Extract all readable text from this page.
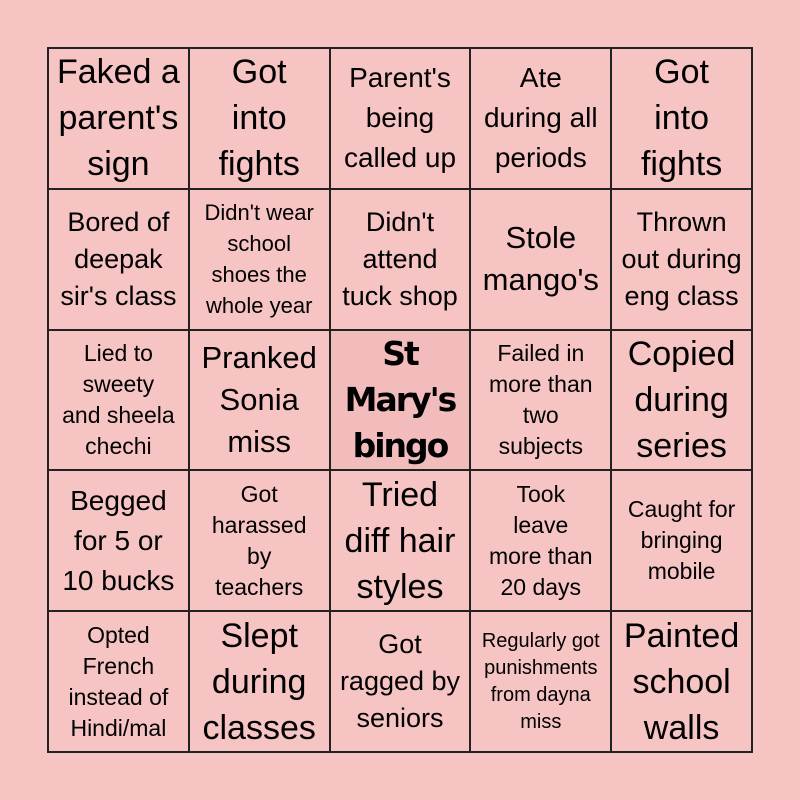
Faked a
parent's
sign
Got
into
fights
Parent's
being
called up
Ate
during all
periods
Got
into
fights
Bored of
deepak
sir's class
Didn't wear
school
shoes the
whole year
Didn't
attend
tuck shop
Stole
mango's
Thrown
out during
eng class
Lied to
sweety
and sheela
chechi
Pranked
Sonia
miss
St
Mary's
bingo
Failed in
more than
two
subjects
Copied
during
series
Begged
for 5 or
10 bucks
Got
harassed
by
teachers
Tried
diff hair
styles
Took
leave
more than
20 days
Caught for
bringing
mobile
Opted
French
instead of
Hindi/mal
Slept
during
classes
Got
ragged by
seniors
Regularly got
punishments
from dayna
miss
Painted
school
walls
